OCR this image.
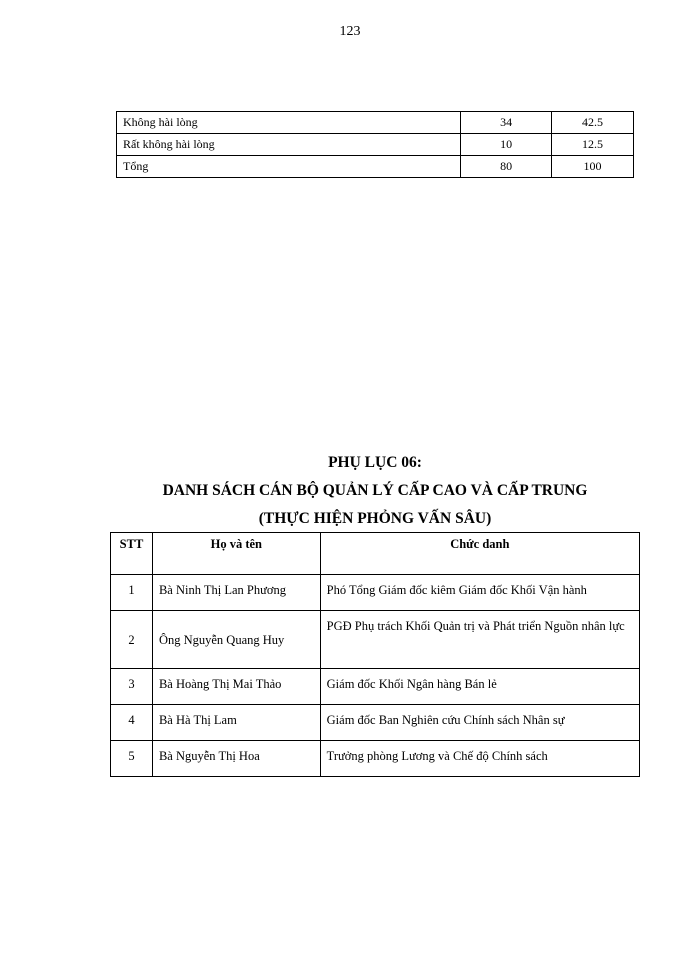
123
Không hài lòng	34	42.5
Rất không hài lòng	10	12.5
Tổng	80	100
PHỤ LỤC 06:
DANH SÁCH CÁN BỘ QUẢN LÝ CẤP CAO VÀ CẤP TRUNG
(THỰC HIỆN PHỎNG VẤN SÂU)
STT	Họ và tên	Chức danh
1	Bà Ninh Thị Lan Phương	Phó Tổng Giám đốc kiêm Giám đốc Khối Vận hành
2	Ông Nguyễn Quang Huy	PGĐ Phụ trách Khối Quản trị và Phát triển Nguồn nhân lực
3	Bà Hoàng Thị Mai Thảo	Giám đốc Khối Ngân hàng Bán lẻ
4	Bà Hà Thị Lam	Giám đốc Ban Nghiên cứu Chính sách Nhân sự
5	Bà Nguyễn Thị Hoa	Trưởng phòng Lương và Chế độ Chính sách
